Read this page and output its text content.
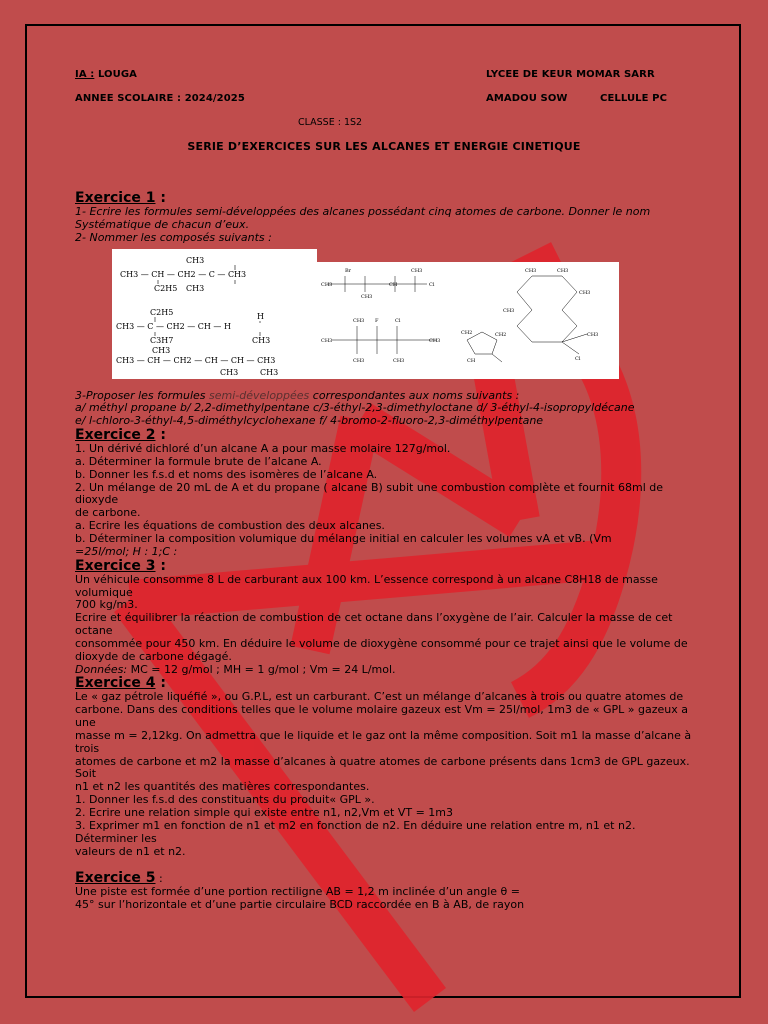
IA : LOUGA	LYCEE DE KEUR MOMAR SARR
ANNEE SCOLAIRE : 2024/2025	AMADOU SOW	CELLULE PC
CLASSE : 1S2
SERIE D’EXERCICES SUR LES ALCANES ET ENERGIE CINETIQUE
Exercice 1 :

1- Ecrire les formules semi-développées des alcanes possédant cinq atomes de carbone. Donner le nom Systématique de chacun d’eux.

2- Nommer les composés suivants :

CH3
CH3 — CH — CH2 — C — CH3
C2H5 CH3
C2H5	H
CH3 — C — CH2 — CH — H
C3H7	CH3
CH3
CH3 — CH — CH2 — CH — CH — CH3
CH3	CH3
Br
CH3
CH3
CH
CH3
Cl
CH3 F	Cl
CH3	CH3
CH3	CH3
CH3	CH3
CH3
CH3
CH3
Cl
CH2	CH2
CH

3-Proposer les formules semi-développées correspondantes aux noms suivants :

a/ méthyl propane b/ 2,2-dimethylpentane c/3-éthyl-2,3-dimethyloctane d/ 3-éthyl-4-isopropyldécane

e/ l-chloro-3-éthyl-4,5-diméthylcyclohexane f/ 4-bromo-2-fluoro-2,3-diméthylpentane

Exercice 2 :

1. Un dérivé dichloré d’un alcane A a pour masse molaire 127g/mol.

a. Déterminer la formule brute de l’alcane A.

b. Donner les f.s.d et noms des isomères de l’alcane A.

2. Un mélange de 20 mL de A et du propane ( alcane B) subit une combustion complète et fournit 68ml de dioxyde

de carbone.

a. Ecrire les équations de combustion des deux alcanes.

b. Déterminer la composition volumique du mélange initial en calculer les volumes vA et vB. (Vm

=25l/mol; H : 1;C :

Exercice 3 :

Un véhicule consomme 8 L de carburant aux 100 km. L’essence correspond à un alcane C8H18 de masse volumique

700 kg/m3.

Ecrire et équilibrer la réaction de combustion de cet octane dans l’oxygène de l’air. Calculer la masse de cet octane

consommée pour 450 km. En déduire le volume de dioxygène consommé pour ce trajet ainsi que le volume de

dioxyde de carbone dégagé.

Données: MC = 12 g/mol ; MH = 1 g/mol ; Vm = 24 L/mol.

Exercice 4 :

Le « gaz pétrole liquéfié », ou G.P.L, est un carburant. C’est un mélange d’alcanes à trois ou quatre atomes de

carbone. Dans des conditions telles que le volume molaire gazeux est Vm = 25l/mol, 1m3 de « GPL » gazeux a une

masse m = 2,12kg. On admettra que le liquide et le gaz ont la même composition. Soit m1 la masse d’alcane à trois

atomes de carbone et m2 la masse d’alcanes à quatre atomes de carbone présents dans 1cm3 de GPL gazeux. Soit

n1 et n2 les quantités des matières correspondantes.

1. Donner les f.s.d des constituants du produit« GPL ».

2. Ecrire une relation simple qui existe entre n1, n2,Vm et VT = 1m3

3. Exprimer m1 en fonction de n1 et m2 en fonction de n2. En déduire une relation entre m, n1 et n2. Déterminer les

valeurs de n1 et n2.

Exercice 5 :

Une piste est formée d’une portion rectiligne AB = 1,2 m inclinée d’un angle θ =

45° sur l’horizontale et d’une partie circulaire BCD raccordée en B à AB, de rayon
